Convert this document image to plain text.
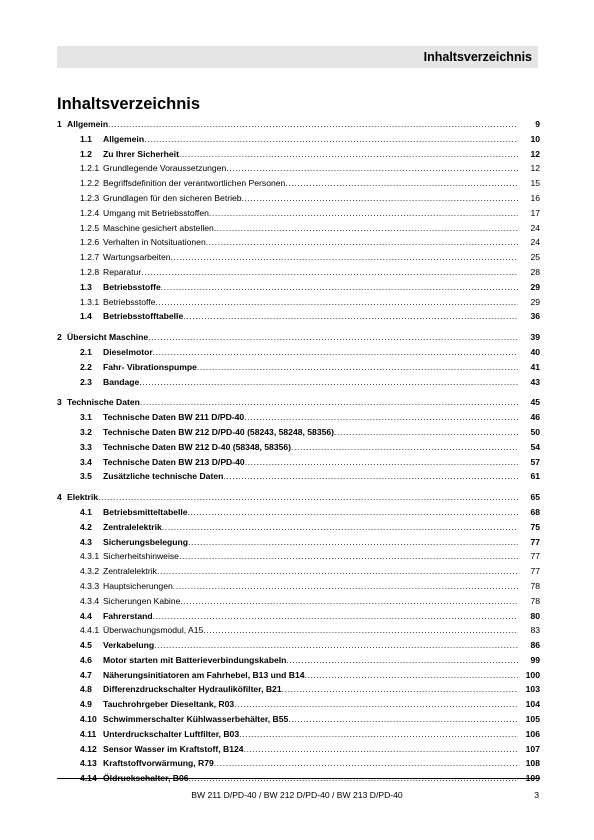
Inhaltsverzeichnis
Inhaltsverzeichnis
1 Allgemein .....	9
1.1 Allgemein .....	10
1.2 Zu Ihrer Sicherheit .....	12
1.2.1 Grundlegende Voraussetzungen .....	12
1.2.2 Begriffsdefinition der verantwortlichen Personen .....	15
1.2.3 Grundlagen für den sicheren Betrieb .....	16
1.2.4 Umgang mit Betriebsstoffen .....	17
1.2.5 Maschine gesichert abstellen .....	24
1.2.6 Verhalten in Notsituationen .....	24
1.2.7 Wartungsarbeiten .....	25
1.2.8 Reparatur .....	28
1.3 Betriebsstoffe .....	29
1.3.1 Betriebsstoffe .....	29
1.4 Betriebsstofftabelle .....	36
2 Übersicht Maschine .....	39
2.1 Dieselmotor .....	40
2.2 Fahr- Vibrationspumpe .....	41
2.3 Bandage .....	43
3 Technische Daten .....	45
3.1 Technische Daten BW 211 D/PD-40 .....	46
3.2 Technische Daten BW 212 D/PD-40 (58243, 58248, 58356) .....	50
3.3 Technische Daten BW 212 D-40 (58348, 58356) .....	54
3.4 Technische Daten BW 213 D/PD-40 .....	57
3.5 Zusätzliche technische Daten .....	61
4 Elektrik .....	65
4.1 Betriebsmitteltabelle .....	68
4.2 Zentralelektrik .....	75
4.3 Sicherungsbelegung .....	77
4.3.1 Sicherheitshinweise .....	77
4.3.2 Zentralelektrik .....	77
4.3.3 Hauptsicherungen .....	78
4.3.4 Sicherungen Kabine .....	78
4.4 Fahrerstand .....	80
4.4.1 Überwachungsmodul, A15 .....	83
4.5 Verkabelung .....	86
4.6 Motor starten mit Batterieverbindungskabeln .....	99
4.7 Näherungsinitiatoren am Fahrhebel, B13 und B14 .....	100
4.8 Differenzdruckschalter Hydrauliköfilter, B21 .....	103
4.9 Tauchrohrgeber Dieseltank, R03 .....	104
4.10 Schwimmerschalter Kühlwasserbehälter, B55 .....	105
4.11 Unterdruckschalter Luftfilter, B03 .....	106
4.12 Sensor Wasser im Kraftstoff, B124 .....	107
4.13 Kraftstoffvorwärmung, R79 .....	108
4.14 Öldruckschalter, B06 .....	109
BW 211 D/PD-40 / BW 212 D/PD-40 / BW 213 D/PD-40	3
